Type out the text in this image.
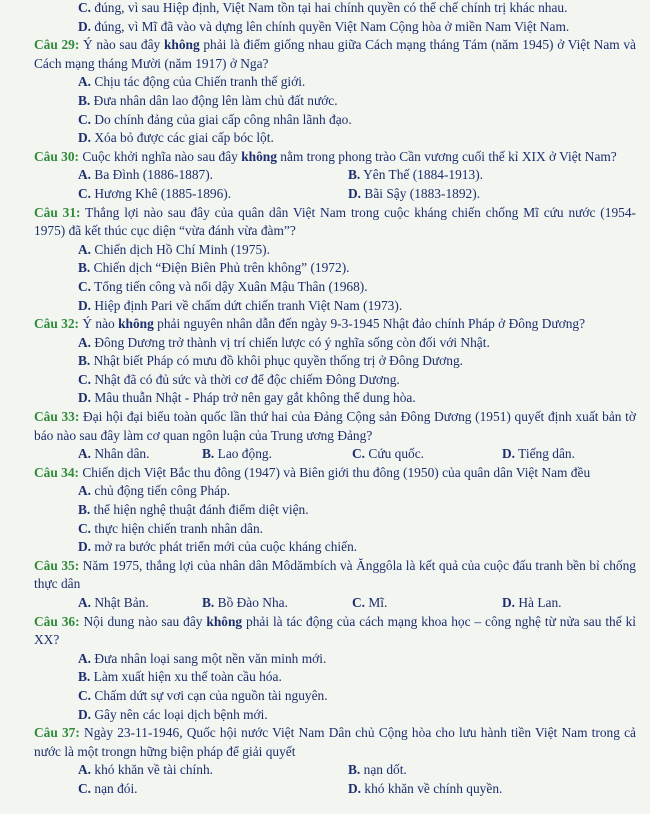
C. đúng, vì sau Hiệp định, Việt Nam tồn tại hai chính quyền có thể chế chính trị khác nhau.

D. đúng, vì Mĩ đã vào và dựng lên chính quyền Việt Nam Cộng hòa ở miền Nam Việt Nam.

Câu 29: Ý nào sau đây không phải là điểm giống nhau giữa Cách mạng tháng Tám (năm 1945) ở Việt Nam và Cách mạng tháng Mười (năm 1917) ở Nga?

A. Chịu tác động của Chiến tranh thế giới.

B. Đưa nhân dân lao động lên làm chủ đất nước.

C. Do chính đảng của giai cấp công nhân lãnh đạo.

D. Xóa bỏ được các giai cấp bóc lột.

Câu 30: Cuộc khởi nghĩa nào sau đây không nằm trong phong trào Cần vương cuối thế kỉ XIX ở Việt Nam?

A. Ba Đình (1886-1887).	B. Yên Thế (1884-1913).
C. Hương Khê (1885-1896).	D. Bãi Sậy (1883-1892).

Câu 31: Thắng lợi nào sau đây của quân dân Việt Nam trong cuộc kháng chiến chống Mĩ cứu nước (1954-1975) đã kết thúc cục diện “vừa đánh vừa đàm”?

A. Chiến dịch Hồ Chí Minh (1975).

B. Chiến dịch “Điện Biên Phủ trên không” (1972).

C. Tổng tiến công và nổi dậy Xuân Mậu Thân (1968).

D. Hiệp định Pari về chấm dứt chiến tranh Việt Nam (1973).

Câu 32: Ý nào không phải nguyên nhân dẫn đến ngày 9-3-1945 Nhật đảo chính Pháp ở Đông Dương?

A. Đông Dương trở thành vị trí chiến lược có ý nghĩa sống còn đối với Nhật.

B. Nhật biết Pháp có mưu đồ khôi phục quyền thống trị ở Đông Dương.

C. Nhật đã có đủ sức và thời cơ để độc chiếm Đông Dương.

D. Mâu thuẫn Nhật - Pháp trở nên gay gắt không thể dung hòa.

Câu 33: Đại hội đại biểu toàn quốc lần thứ hai của Đảng Cộng sản Đông Dương (1951) quyết định xuất bản tờ báo nào sau đây làm cơ quan ngôn luận của Trung ương Đảng?

A. Nhân dân.	B. Lao động.	C. Cứu quốc.	D. Tiếng dân.

Câu 34: Chiến dịch Việt Bắc thu đông (1947) và Biên giới thu đông (1950) của quân dân Việt Nam đều

A. chủ động tiến công Pháp.

B. thể hiện nghệ thuật đánh điểm diệt viện.

C. thực hiện chiến tranh nhân dân.

D. mở ra bước phát triển mới của cuộc kháng chiến.

Câu 35: Năm 1975, thắng lợi của nhân dân Môdămbích và Ănggôla là kết quả của cuộc đấu tranh bền bỉ chống thực dân

A. Nhật Bản.	B. Bồ Đào Nha.	C. Mĩ.	D. Hà Lan.

Câu 36: Nội dung nào sau đây không phải là tác động của cách mạng khoa học – công nghệ từ nửa sau thế kỉ XX?

A. Đưa nhân loại sang một nền văn minh mới.

B. Làm xuất hiện xu thế toàn cầu hóa.

C. Chấm dứt sự vơi cạn của nguồn tài nguyên.

D. Gây nên các loại dịch bệnh mới.

Câu 37: Ngày 23-11-1946, Quốc hội nước Việt Nam Dân chủ Cộng hòa cho lưu hành tiền Việt Nam trong cả nước là một trongn hững biện pháp để giải quyết

A. khó khăn về tài chính.	B. nạn dốt.
C. nạn đói.	D. khó khăn về chính quyền.
